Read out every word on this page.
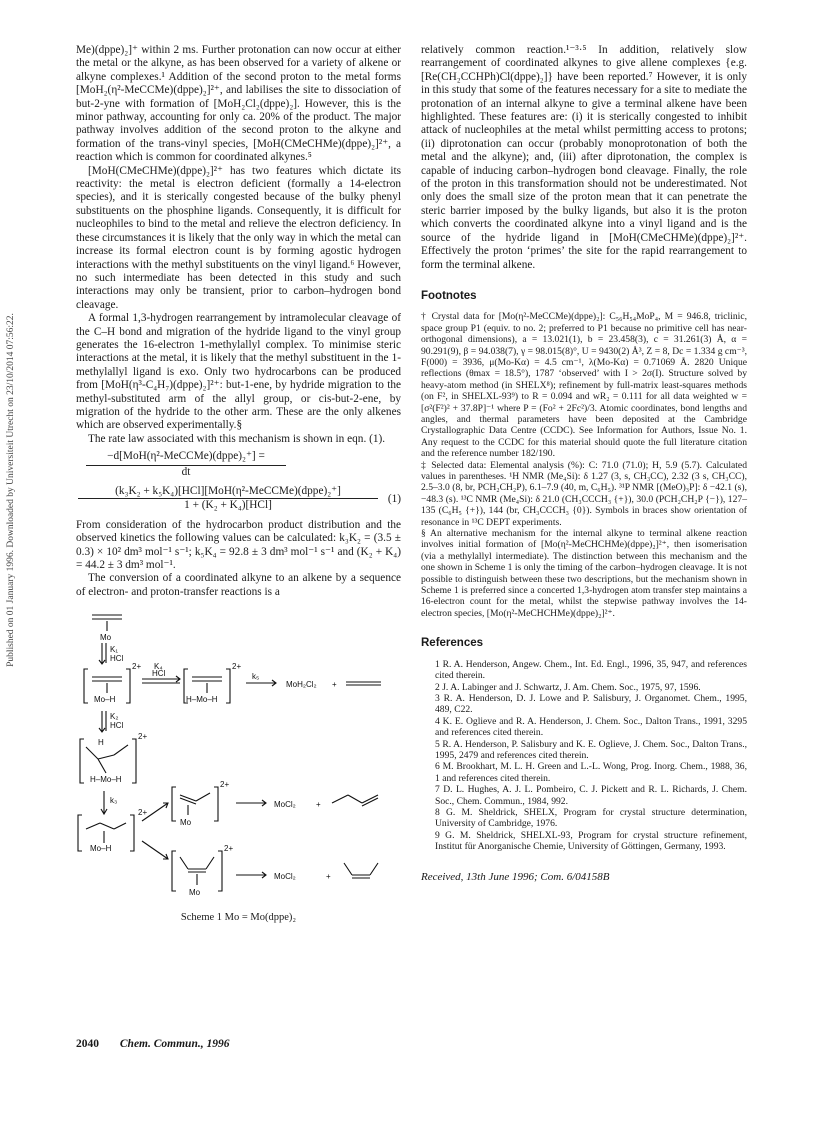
Published on 01 January 1996. Downloaded by Universiteit Utrecht on 23/10/2014 07:56:22.

Me)(dppe)₂]⁺ within 2 ms. Further protonation can now occur at either the metal or the alkyne, as has been observed for a variety of alkene or alkyne complexes.¹ Addition of the second proton to the metal forms [MoH₂(η²-MeCCMe)(dppe)₂]²⁺, and labilises the site to dissociation of but-2-yne with formation of [MoH₂Cl₂(dppe)₂]. However, this is the minor pathway, accounting for only ca. 20% of the product. The major pathway involves addition of the second proton to the alkyne and formation of the trans-vinyl species, [MoH(CMeCHMe)(dppe)₂]²⁺, a reaction which is common for coordinated alkynes.⁵

[MoH(CMeCHMe)(dppe)₂]²⁺ has two features which dictate its reactivity: the metal is electron deficient (formally a 14-electron species), and it is sterically congested because of the bulky phenyl substituents on the phosphine ligands. Consequently, it is difficult for nucleophiles to bind to the metal and relieve the electron deficiency. In these circumstances it is likely that the only way in which the metal can increase its formal electron count is by forming agostic hydrogen interactions with the methyl substituents on the vinyl ligand.⁶ However, no such intermediate has been detected in this study and such interactions may only be transient, prior to carbon–hydrogen bond cleavage.

A formal 1,3-hydrogen rearrangement by intramolecular cleavage of the C–H bond and migration of the hydride ligand to the vinyl group generates the 16-electron 1-methylallyl complex. To minimise steric interactions at the metal, it is likely that the methyl substituent in the 1-methylallyl ligand is exo. Only two hydrocarbons can be produced from [MoH(η³-C₄H₇)(dppe)₂]²⁺: but-1-ene, by hydride migration to the methyl-substituted arm of the allyl group, or cis-but-2-ene, by migration of the hydride to the other arm. These are the only alkenes which are observed experimentally.§

The rate law associated with this mechanism is shown in eqn. (1).

−d[MoH(η²-MeCCMe)(dppe)₂⁺] =
dt
(k₃K₂ + k₅K₄)[HCl][MoH(η²-MeCCMe)(dppe)₂⁺]
1 + (K₂ + K₄)[HCl]
(1)

From consideration of the hydrocarbon product distribution and the observed kinetics the following values can be calculated: k₃K₂ = (3.5 ± 0.3) × 10² dm³ mol⁻¹ s⁻¹; k₅K₄ = 92.8 ± 3 dm³ mol⁻¹ s⁻¹ and (K₂ + K₄) = 44.2 ± 3 dm³ mol⁻¹.

The conversion of a coordinated alkyne to an alkene by a sequence of electron- and proton-transfer reactions is a

Mo
K₁
HCl
2+ K₄
HCl
2+
k₅
MoH₂Cl₂ +
Mo–H	H–Mo–H
K₂
HCl
H
2+
H–Mo–H
k₃
2+
Mo–H
2+
Mo
MoCl₂	+
2+
Mo
MoCl₂	+
Scheme 1 Mo = Mo(dppe)₂

relatively common reaction.¹⁻³·⁵ In addition, relatively slow rearrangement of coordinated alkynes to give allene complexes {e.g. [Re(CH₂CCHPh)Cl(dppe)₂]} have been reported.⁷ However, it is only in this study that some of the features necessary for a site to mediate the protonation of an internal alkyne to give a terminal alkene have been highlighted. These features are: (i) it is sterically congested to inhibit attack of nucleophiles at the metal whilst permitting access to protons; (ii) diprotonation can occur (probably monoprotonation of both the metal and the alkyne); and, (iii) after diprotonation, the complex is capable of inducing carbon–hydrogen bond cleavage. Finally, the role of the proton in this transformation should not be underestimated. Not only does the small size of the proton mean that it can penetrate the steric barrier imposed by the bulky ligands, but also it is the proton which converts the coordinated alkyne into a vinyl ligand and is the source of the hydride ligand in [MoH(CMeCHMe)(dppe)₂]²⁺. Effectively the proton ‘primes’ the site for the rapid rearrangement to form the terminal alkene.

Footnotes

† Crystal data for [Mo(η²-MeCCMe)(dppe)₂]: C₅₆H₅₄MoP₄, M = 946.8, triclinic, space group P1 (equiv. to no. 2; preferred to P1 because no primitive cell has near-orthogonal dimensions), a = 13.021(1), b = 23.458(3), c = 31.261(3) Å, α = 90.291(9), β = 94.038(7), γ = 98.015(8)°, U = 9430(2) Å³, Z = 8, Dc = 1.334 g cm⁻³, F(000) = 3936, μ(Mo-Kα) = 4.5 cm⁻¹, λ(Mo-Kα) = 0.71069 Å. 2820 Unique reflections (θmax = 18.5°), 1787 ‘observed’ with I > 2σ(I). Structure solved by heavy-atom method (in SHELX⁸); refinement by full-matrix least-squares methods (on F², in SHELXL-93⁹) to R = 0.094 and wR₂ = 0.111 for all data weighted w = [σ²(F²)² + 37.8P]⁻¹ where P = (Fo² + 2Fc²)/3. Atomic coordinates, bond lengths and angles, and thermal parameters have been deposited at the Cambridge Crystallographic Data Centre (CCDC). See Information for Authors, Issue No. 1. Any request to the CCDC for this material should quote the full literature citation and the reference number 182/190.

‡ Selected data: Elemental analysis (%): C: 71.0 (71.0); H, 5.9 (5.7). Calculated values in parentheses. ¹H NMR (Me₄Si): δ 1.27 (3, s, CH₃CC), 2.32 (3 s, CH₃CC), 2.5–3.0 (8, br, PCH₂CH₂P), 6.1–7.9 (40, m, C₆H₅). ³¹P NMR [(MeO)₃P]: δ −42.1 (s), −48.3 (s). ¹³C NMR (Me₄Si): δ 21.0 (CH₃CCCH₃ {+}), 30.0 (PCH₂CH₂P {−}), 127–135 (C₆H₅ {+}), 144 (br, CH₃CCCH₃ {0}). Symbols in braces show orientation of resonance in ¹³C DEPT experiments.

§ An alternative mechanism for the internal alkyne to terminal alkene reaction involves initial formation of [Mo(η²-MeCHCHMe)(dppe)₂]²⁺, then isomerisation (via a methylallyl intermediate). The distinction between this mechanism and the one shown in Scheme 1 is only the timing of the carbon–hydrogen cleavage. It is not possible to distinguish between these two descriptions, but the mechanism shown in Scheme 1 is preferred since a concerted 1,3-hydrogen atom transfer step maintains a 16-electron count for the metal, whilst the stepwise pathway involves the 14-electron species, [Mo(η²-MeCHCHMe)(dppe)₂]²⁺.

References

1 R. A. Henderson, Angew. Chem., Int. Ed. Engl., 1996, 35, 947, and references cited therein.

2 J. A. Labinger and J. Schwartz, J. Am. Chem. Soc., 1975, 97, 1596.

3 R. A. Henderson, D. J. Lowe and P. Salisbury, J. Organomet. Chem., 1995, 489, C22.

4 K. E. Oglieve and R. A. Henderson, J. Chem. Soc., Dalton Trans., 1991, 3295 and references cited therein.

5 R. A. Henderson, P. Salisbury and K. E. Oglieve, J. Chem. Soc., Dalton Trans., 1995, 2479 and references cited therein.

6 M. Brookhart, M. L. H. Green and L.-L. Wong, Prog. Inorg. Chem., 1988, 36, 1 and references cited therein.

7 D. L. Hughes, A. J. L. Pombeiro, C. J. Pickett and R. L. Richards, J. Chem. Soc., Chem. Commun., 1984, 992.

8 G. M. Sheldrick, SHELX, Program for crystal structure determination, University of Cambridge, 1976.

9 G. M. Sheldrick, SHELXL-93, Program for crystal structure refinement, Institut für Anorganische Chemie, University of Göttingen, Germany, 1993.

Received, 13th June 1996; Com. 6/04158B
2040 Chem. Commun., 1996
